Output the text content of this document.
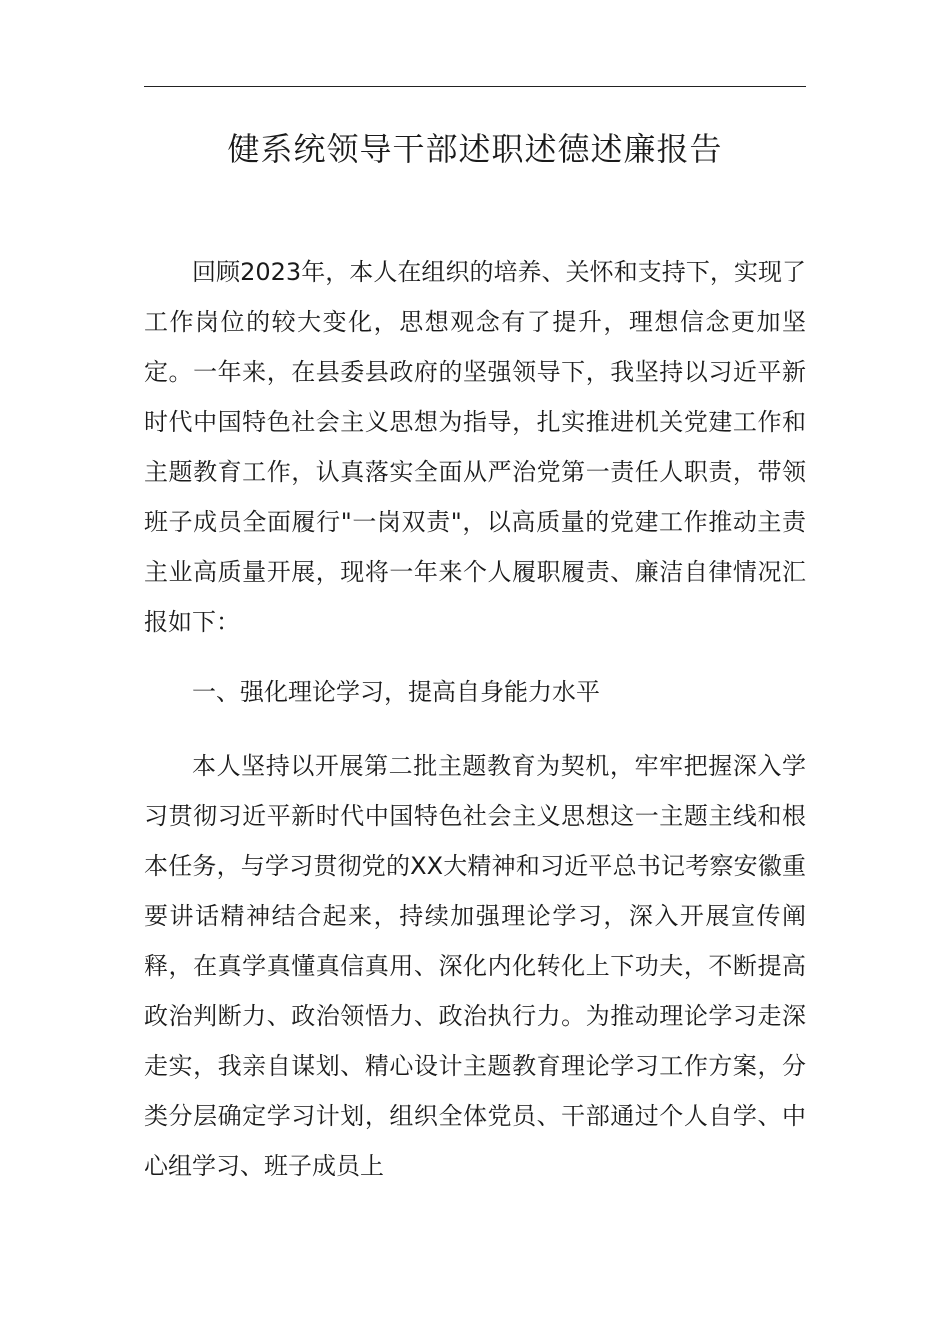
健系统领导干部述职述德述廉报告

回顾2023年，本人在组织的培养、关怀和支持下，实现了工作岗位的较大变化，思想观念有了提升，理想信念更加坚定。一年来，在县委县政府的坚强领导下，我坚持以习近平新时代中国特色社会主义思想为指导，扎实推进机关党建工作和主题教育工作，认真落实全面从严治党第一责任人职责，带领班子成员全面履行"一岗双责"，以高质量的党建工作推动主责主业高质量开展，现将一年来个人履职履责、廉洁自律情况汇报如下：

一、强化理论学习，提高自身能力水平

本人坚持以开展第二批主题教育为契机，牢牢把握深入学习贯彻习近平新时代中国特色社会主义思想这一主题主线和根本任务，与学习贯彻党的XX大精神和习近平总书记考察安徽重要讲话精神结合起来，持续加强理论学习，深入开展宣传阐释，在真学真懂真信真用、深化内化转化上下功夫，不断提高政治判断力、政治领悟力、政治执行力。为推动理论学习走深走实，我亲自谋划、精心设计主题教育理论学习工作方案，分类分层确定学习计划，组织全体党员、干部通过个人自学、中心组学习、班子成员上
